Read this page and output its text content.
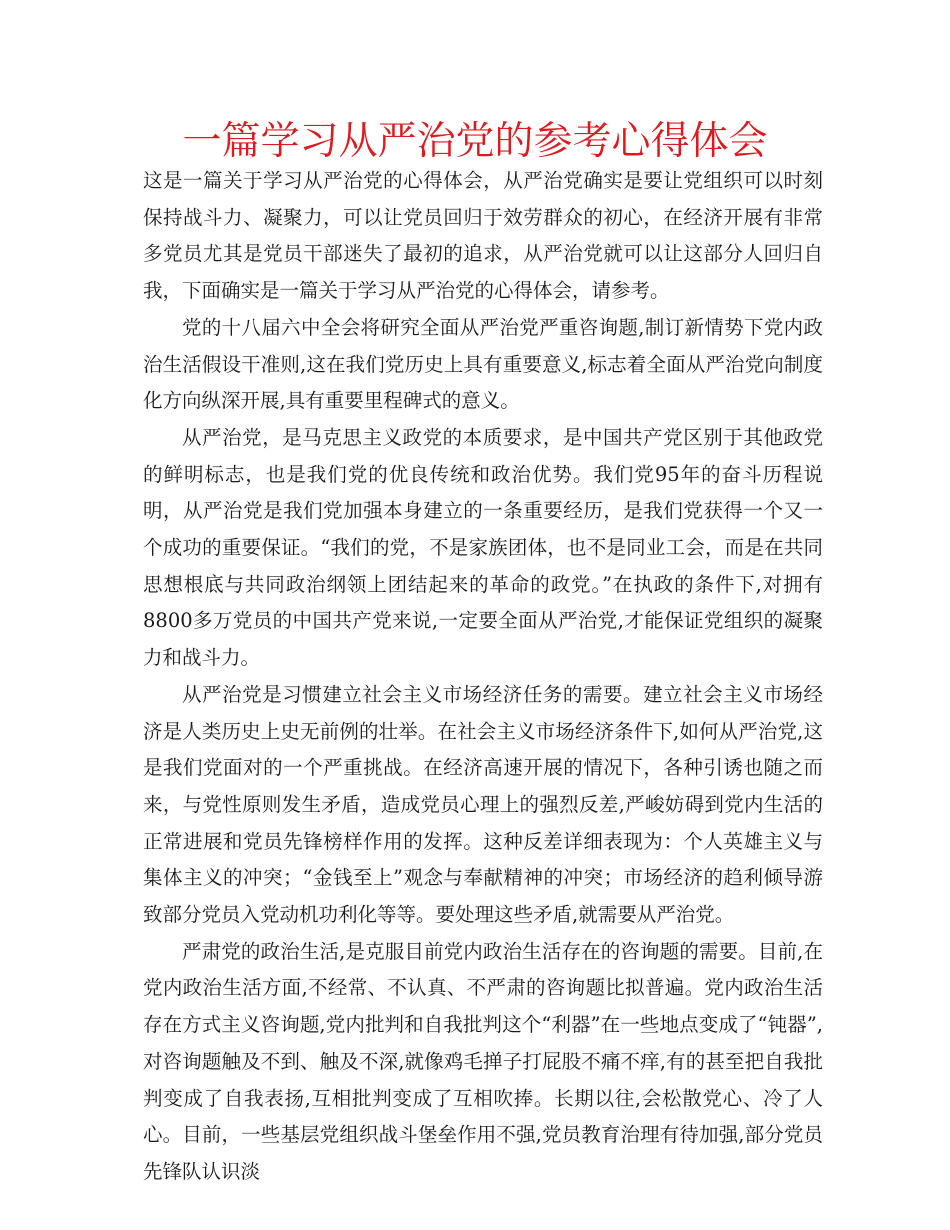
一篇学习从严治党的参考心得体会

这是一篇关于学习从严治党的心得体会，从严治党确实是要让党组织可以时刻保持战斗力、凝聚力，可以让党员回归于效劳群众的初心，在经济开展有非常多党员尤其是党员干部迷失了最初的追求，从严治党就可以让这部分人回归自我，下面确实是一篇关于学习从严治党的心得体会，请参考。

党的十八届六中全会将研究全面从严治党严重咨询题,制订新情势下党内政治生活假设干准则,这在我们党历史上具有重要意义,标志着全面从严治党向制度化方向纵深开展,具有重要里程碑式的意义。

从严治党，是马克思主义政党的本质要求，是中国共产党区别于其他政党的鲜明标志，也是我们党的优良传统和政治优势。我们党95年的奋斗历程说明，从严治党是我们党加强本身建立的一条重要经历，是我们党获得一个又一个成功的重要保证。“我们的党，不是家族团体，也不是同业工会，而是在共同思想根底与共同政治纲领上团结起来的革命的政党。”在执政的条件下,对拥有8800多万党员的中国共产党来说,一定要全面从严治党,才能保证党组织的凝聚力和战斗力。

从严治党是习惯建立社会主义市场经济任务的需要。建立社会主义市场经济是人类历史上史无前例的壮举。在社会主义市场经济条件下,如何从严治党,这是我们党面对的一个严重挑战。在经济高速开展的情况下，各种引诱也随之而来，与党性原则发生矛盾，造成党员心理上的强烈反差,严峻妨碍到党内生活的正常进展和党员先锋榜样作用的发挥。这种反差详细表现为：个人英雄主义与集体主义的冲突；“金钱至上”观念与奉献精神的冲突；市场经济的趋利倾导游致部分党员入党动机功利化等等。要处理这些矛盾,就需要从严治党。

严肃党的政治生活,是克服目前党内政治生活存在的咨询题的需要。目前,在党内政治生活方面,不经常、不认真、不严肃的咨询题比拟普遍。党内政治生活存在方式主义咨询题,党内批判和自我批判这个“利器”在一些地点变成了“钝器”,对咨询题触及不到、触及不深,就像鸡毛掸子打屁股不痛不痒,有的甚至把自我批判变成了自我表扬,互相批判变成了互相吹捧。长期以往,会松散党心、冷了人心。目前，一些基层党组织战斗堡垒作用不强,党员教育治理有待加强,部分党员先锋队认识淡
